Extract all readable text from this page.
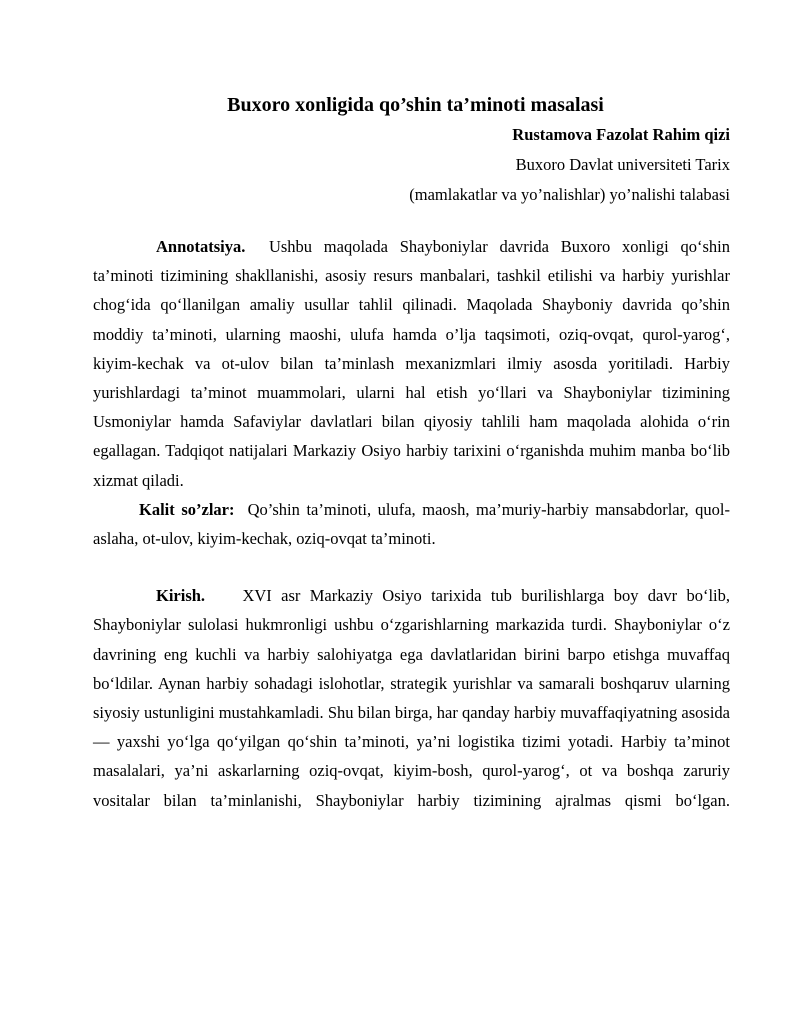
Buxoro xonligida qo’shin ta’minoti masalasi
Rustamova Fazolat Rahim qizi
Buxoro Davlat universiteti Tarix
(mamlakatlar va yo’nalishlar) yo’nalishi talabasi

Annotatsiya. Ushbu maqolada Shayboniylar davrida Buxoro xonligi qo‘shin ta’minoti tizimining shakllanishi, asosiy resurs manbalari, tashkil etilishi va harbiy yurishlar chog‘ida qo‘llanilgan amaliy usullar tahlil qilinadi. Maqolada Shayboniy davrida qo’shin moddiy ta’minoti, ularning maoshi, ulufa hamda o’lja taqsimoti, oziq-ovqat, qurol-yarog‘, kiyim-kechak va ot-ulov bilan ta’minlash mexanizmlari ilmiy asosda yoritiladi. Harbiy yurishlardagi ta’minot muammolari, ularni hal etish yo‘llari va Shayboniylar tizimining Usmoniylar hamda Safaviylar davlatlari bilan qiyosiy tahlili ham maqolada alohida o‘rin egallagan. Tadqiqot natijalari Markaziy Osiyo harbiy tarixini o‘rganishda muhim manba bo‘lib xizmat qiladi.

Kalit so’zlar: Qo’shin ta’minoti, ulufa, maosh, ma’muriy-harbiy mansabdorlar, quol-aslaha, ot-ulov, kiyim-kechak, oziq-ovqat ta’minoti.

Kirish. XVI asr Markaziy Osiyo tarixida tub burilishlarga boy davr bo‘lib, Shayboniylar sulolasi hukmronligi ushbu o‘zgarishlarning markazida turdi. Shayboniylar o‘z davrining eng kuchli va harbiy salohiyatga ega davlatlaridan birini barpo etishga muvaffaq bo‘ldilar. Aynan harbiy sohadagi islohotlar, strategik yurishlar va samarali boshqaruv ularning siyosiy ustunligini mustahkamladi. Shu bilan birga, har qanday harbiy muvaffaqiyatning asosida — yaxshi yo‘lga qo‘yilgan qo‘shin ta’minoti, ya’ni logistika tizimi yotadi. Harbiy ta’minot masalalari, ya’ni askarlarning oziq-ovqat, kiyim-bosh, qurol-yarog‘, ot va boshqa zaruriy vositalar bilan ta’minlanishi, Shayboniylar harbiy tizimining ajralmas qismi bo‘lgan.
